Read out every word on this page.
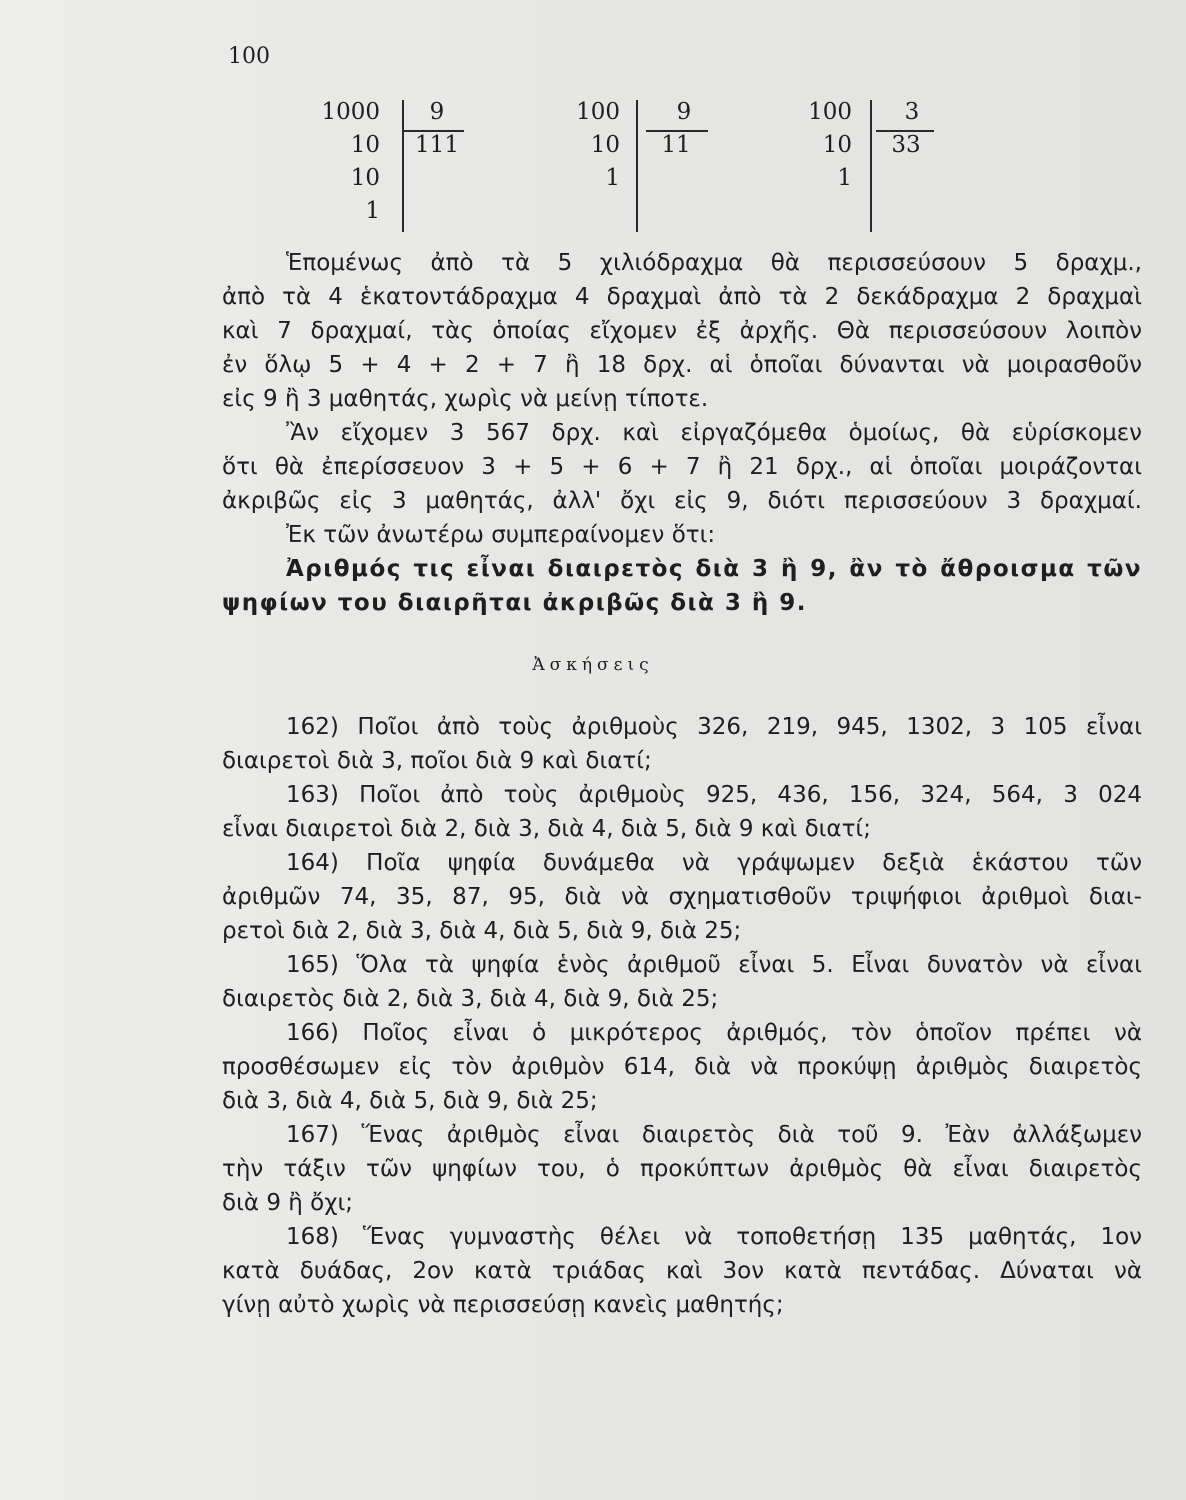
100
1000
10
10
1
9
111
100
10
1
9
11
100
10
1
3
33
Ἑπομένως ἀπὸ τὰ 5 χιλιόδραχμα θὰ περισσεύσουν 5 δραχμ.,
ἀπὸ τὰ 4 ἑκατοντάδραχμα 4 δραχμαὶ ἀπὸ τὰ 2 δεκάδραχμα 2 δραχμαὶ
καὶ 7 δραχμαί, τὰς ὁποίας εἴχομεν ἐξ ἀρχῆς. Θὰ περισσεύσουν λοιπὸν
ἐν ὅλῳ 5 + 4 + 2 + 7 ἢ 18 δρχ. αἱ ὁποῖαι δύνανται νὰ μοιρασθοῦν
εἰς 9 ἢ 3 μαθητάς, χωρὶς νὰ μείνῃ τίποτε.
Ἂν εἴχομεν 3 567 δρχ. καὶ εἰργαζόμεθα ὁμοίως, θὰ εὑρίσκομεν
ὅτι θὰ ἐπερίσσευον 3 + 5 + 6 + 7 ἢ 21 δρχ., αἱ ὁποῖαι μοιράζονται
ἀκριβῶς εἰς 3 μαθητάς, ἀλλ' ὄχι εἰς 9, διότι περισσεύουν 3 δραχμαί.
Ἐκ τῶν ἀνωτέρω συμπεραίνομεν ὅτι:
Ἀριθμός τις εἶναι διαιρετὸς διὰ 3 ἢ 9, ἂν τὸ ἄθροισμα τῶν
ψηφίων του διαιρῆται ἀκριβῶς διὰ 3 ἢ 9.
Ἀσκήσεις
162) Ποῖοι ἀπὸ τοὺς ἀριθμοὺς 326, 219, 945, 1302, 3 105 εἶναι
διαιρετοὶ διὰ 3, ποῖοι διὰ 9 καὶ διατί;
163) Ποῖοι ἀπὸ τοὺς ἀριθμοὺς 925, 436, 156, 324, 564, 3 024
εἶναι διαιρετοὶ διὰ 2, διὰ 3, διὰ 4, διὰ 5, διὰ 9 καὶ διατί;
164) Ποῖα ψηφία δυνάμεθα νὰ γράψωμεν δεξιὰ ἑκάστου τῶν
ἀριθμῶν 74, 35, 87, 95, διὰ νὰ σχηματισθοῦν τριψήφιοι ἀριθμοὶ διαι-
ρετοὶ διὰ 2, διὰ 3, διὰ 4, διὰ 5, διὰ 9, διὰ 25;
165) Ὅλα τὰ ψηφία ἑνὸς ἀριθμοῦ εἶναι 5. Εἶναι δυνατὸν νὰ εἶναι
διαιρετὸς διὰ 2, διὰ 3, διὰ 4, διὰ 9, διὰ 25;
166) Ποῖος εἶναι ὁ μικρότερος ἀριθμός, τὸν ὁποῖον πρέπει νὰ
προσθέσωμεν εἰς τὸν ἀριθμὸν 614, διὰ νὰ προκύψῃ ἀριθμὸς διαιρετὸς
διὰ 3, διὰ 4, διὰ 5, διὰ 9, διὰ 25;
167) Ἕνας ἀριθμὸς εἶναι διαιρετὸς διὰ τοῦ 9. Ἐὰν ἀλλάξωμεν
τὴν τάξιν τῶν ψηφίων του, ὁ προκύπτων ἀριθμὸς θὰ εἶναι διαιρετὸς
διὰ 9 ἢ ὄχι;
168) Ἕνας γυμναστὴς θέλει νὰ τοποθετήσῃ 135 μαθητάς, 1ον
κατὰ δυάδας, 2ον κατὰ τριάδας καὶ 3ον κατὰ πεντάδας. Δύναται νὰ
γίνῃ αὐτὸ χωρὶς νὰ περισσεύσῃ κανεὶς μαθητής;
